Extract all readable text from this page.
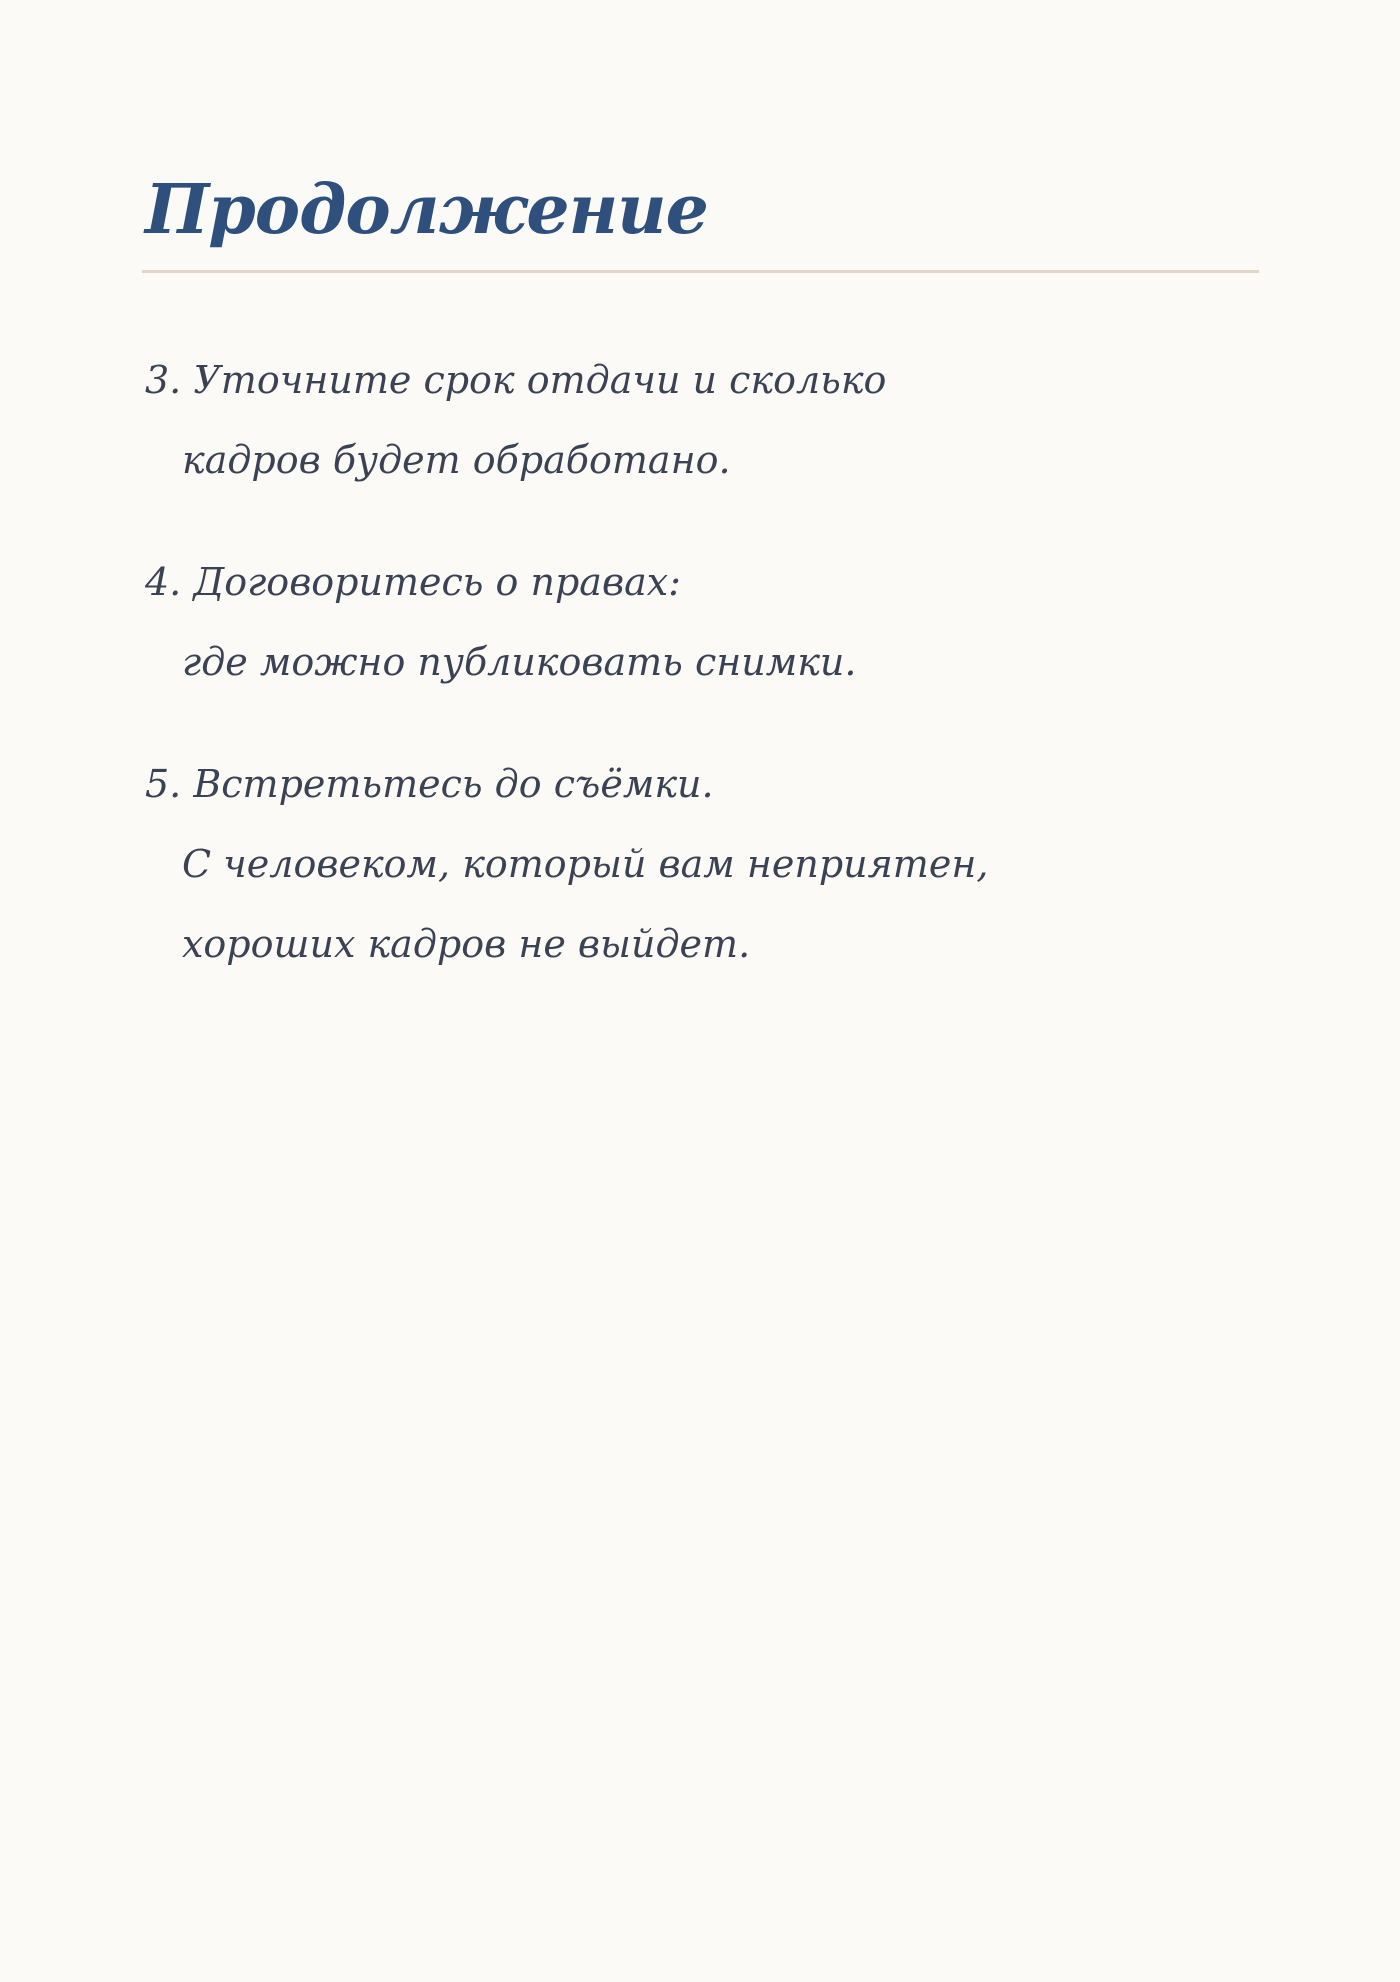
Продолжение
3. Уточните срок отдачи и сколько
кадров будет обработано.
4. Договоритесь о правах:
где можно публиковать снимки.
5. Встретьтесь до съёмки.
С человеком, который вам неприятен,
хороших кадров не выйдет.
